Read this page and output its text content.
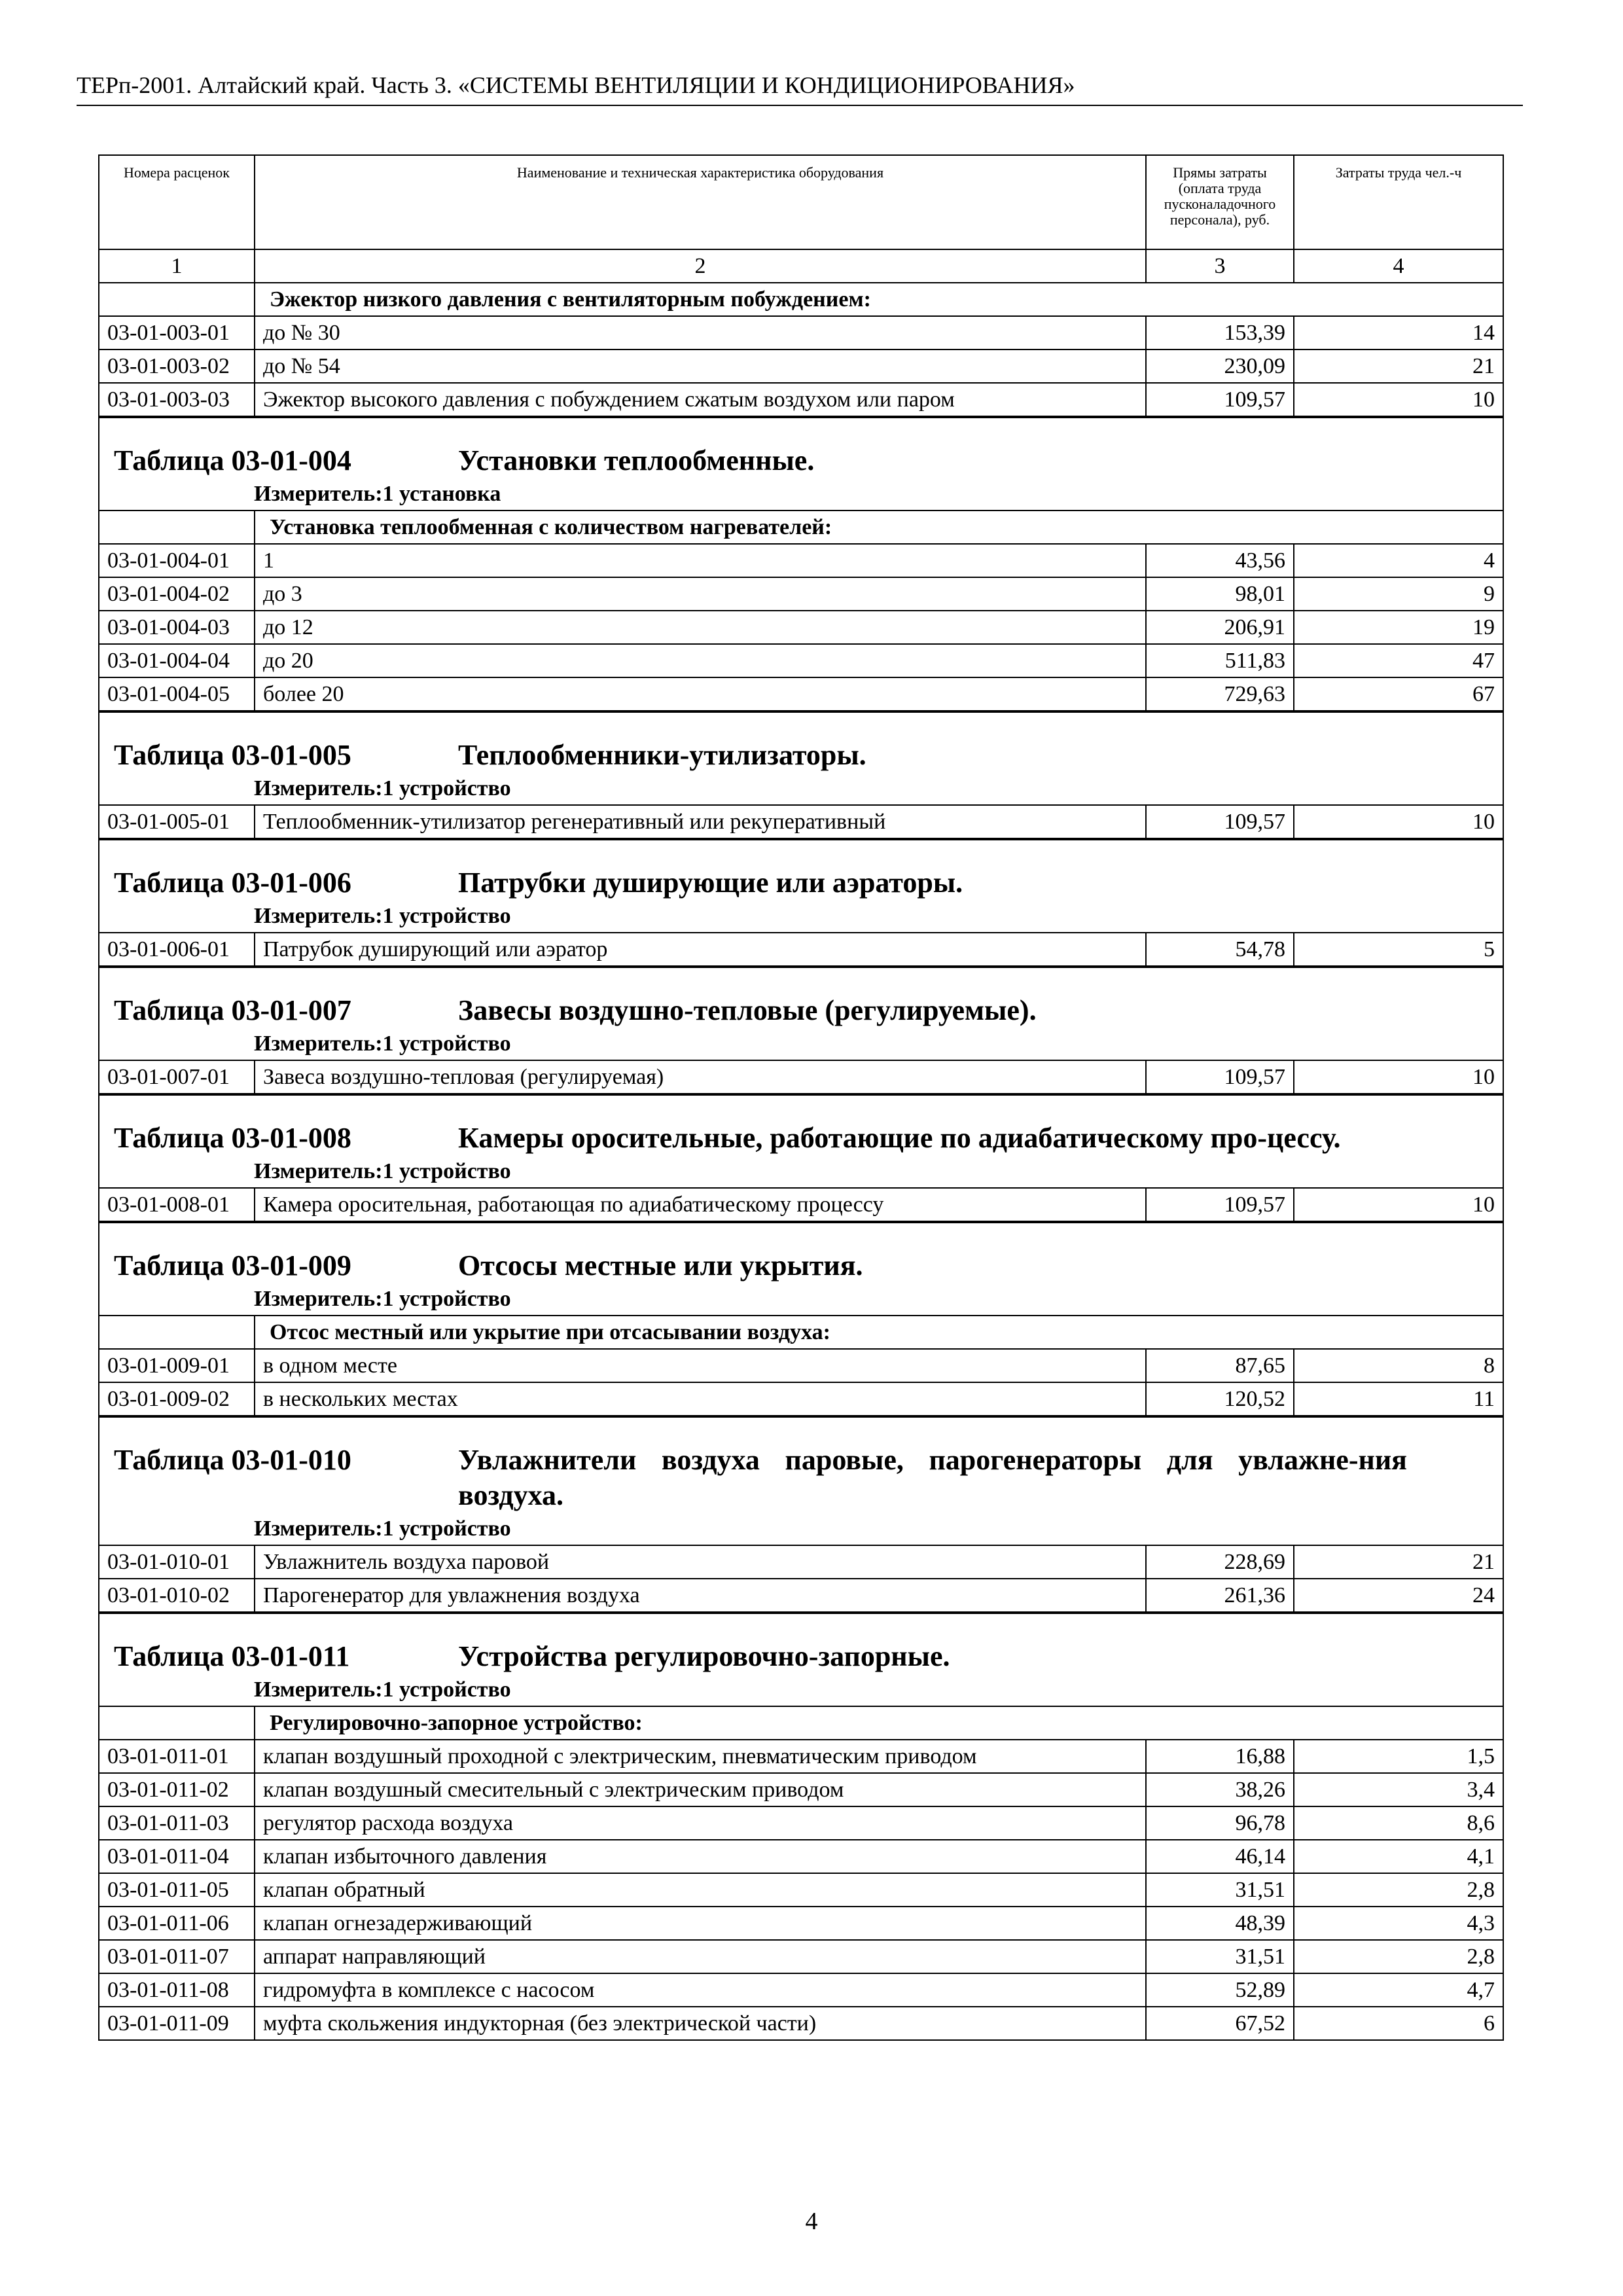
ТЕРп-2001. Алтайский край. Часть 3. «СИСТЕМЫ ВЕНТИЛЯЦИИ И КОНДИЦИОНИРОВАНИЯ»
Номера расценок	Наименование и техническая характеристика оборудования	Прямы затраты (оплата труда пусконаладочного персонала), руб.	Затраты труда чел.-ч
1	2	3	4
	Эжектор низкого давления с вентиляторным побуждением:		
03-01-003-01	до № 30	153,39	14
03-01-003-02	до № 54	230,09	21
03-01-003-03	Эжектор высокого давления с побуждением сжатым воздухом или паром	109,57	10

Таблица 03-01-004 Установки теплообменные.			

Измеритель:1 установка			
	Установка теплообменная с количеством нагревателей:		
03-01-004-01	1	43,56	4
03-01-004-02	до 3	98,01	9
03-01-004-03	до 12	206,91	19
03-01-004-04	до 20	511,83	47
03-01-004-05	более 20	729,63	67

Таблица 03-01-005 Теплообменники-утилизаторы.			

Измеритель:1 устройство			
03-01-005-01	Теплообменник-утилизатор регенеративный или рекуперативный	109,57	10

Таблица 03-01-006 Патрубки душирующие или аэраторы.			

Измеритель:1 устройство			
03-01-006-01	Патрубок душирующий или аэратор	54,78	5

Таблица 03-01-007 Завесы воздушно-тепловые (регулируемые).			

Измеритель:1 устройство			
03-01-007-01	Завеса воздушно-тепловая (регулируемая)	109,57	10

Таблица 03-01-008 Камеры оросительные, работающие по адиабатическому про-цессу.			

Измеритель:1 устройство			
03-01-008-01	Камера оросительная, работающая по адиабатическому процессу	109,57	10

Таблица 03-01-009 Отсосы местные или укрытия.			

Измеритель:1 устройство			
	Отсос местный или укрытие при отсасывании воздуха:		
03-01-009-01	в одном месте	87,65	8
03-01-009-02	в нескольких местах	120,52	11

Таблица 03-01-010 Увлажнители воздуха паровые, парогенераторы для увлажне-ния воздуха.			

Измеритель:1 устройство			
03-01-010-01	Увлажнитель воздуха паровой	228,69	21
03-01-010-02	Парогенератор для увлажнения воздуха	261,36	24

Таблица 03-01-011 Устройства регулировочно-запорные.			

Измеритель:1 устройство			
	Регулировочно-запорное устройство:		
03-01-011-01	клапан воздушный проходной с электрическим, пневматическим приводом	16,88	1,5
03-01-011-02	клапан воздушный смесительный с электрическим приводом	38,26	3,4
03-01-011-03	регулятор расхода воздуха	96,78	8,6
03-01-011-04	клапан избыточного давления	46,14	4,1
03-01-011-05	клапан обратный	31,51	2,8
03-01-011-06	клапан огнезадерживающий	48,39	4,3
03-01-011-07	аппарат направляющий	31,51	2,8
03-01-011-08	гидромуфта в комплексе с насосом	52,89	4,7
03-01-011-09	муфта скольжения индукторная (без электрической части)	67,52	6
4
